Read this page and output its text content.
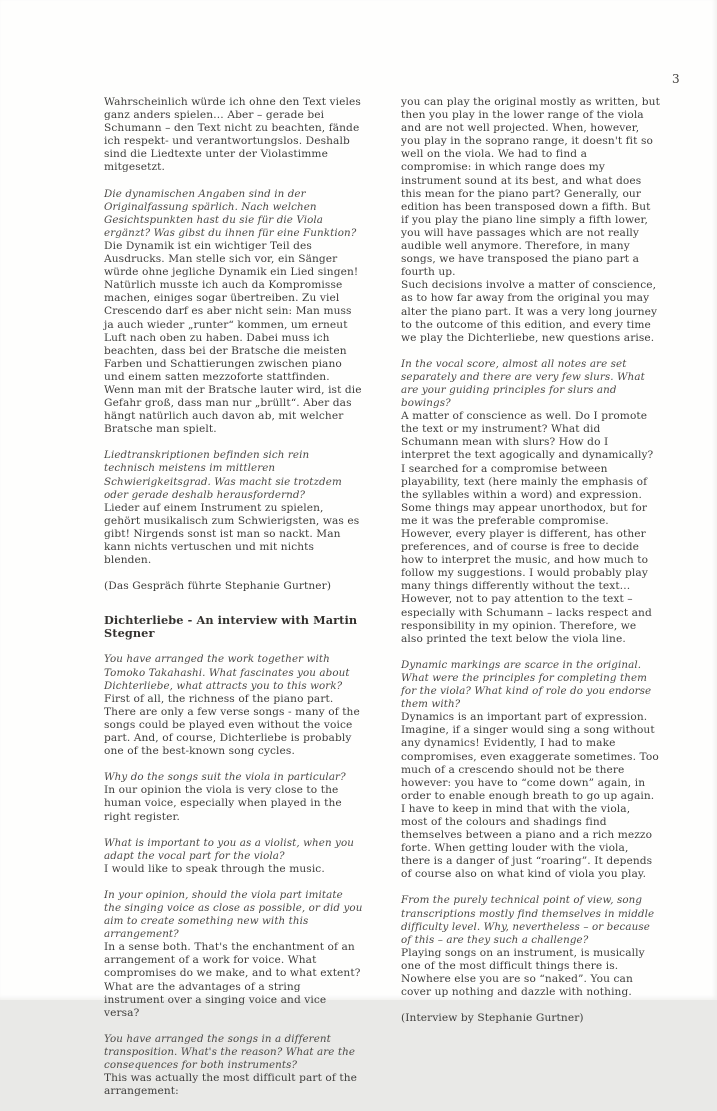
3

Wahrscheinlich würde ich ohne den Text vieles ganz anders spielen… Aber – gerade bei Schumann – den Text nicht zu beachten, fände ich respekt- und verantwortungslos. Deshalb sind die Liedtexte unter der Violastimme mitgesetzt.

Die dynamischen Angaben sind in der Originalfassung spärlich. Nach welchen Gesichtspunkten hast du sie für die Viola ergänzt? Was gibst du ihnen für eine Funktion?

Die Dynamik ist ein wichtiger Teil des Ausdrucks. Man stelle sich vor, ein Sänger würde ohne jegliche Dynamik ein Lied singen! Natürlich musste ich auch da Kompromisse machen, einiges sogar übertreiben. Zu viel Crescendo darf es aber nicht sein: Man muss ja auch wieder „runter“ kommen, um erneut Luft nach oben zu haben. Dabei muss ich beachten, dass bei der Bratsche die meisten Farben und Schattierungen zwischen piano und einem satten mezzoforte stattfinden. Wenn man mit der Bratsche lauter wird, ist die Gefahr groß, dass man nur „brüllt“. Aber das hängt natürlich auch davon ab, mit welcher Bratsche man spielt.

Liedtranskriptionen befinden sich rein technisch meistens im mittleren Schwierigkeitsgrad. Was macht sie trotzdem oder gerade deshalb herausfordernd?

Lieder auf einem Instrument zu spielen, gehört musikalisch zum Schwierigsten, was es gibt! Nirgends sonst ist man so nackt. Man kann nichts vertuschen und mit nichts blenden.

(Das Gespräch führte Stephanie Gurtner)

Dichterliebe - An interview with Martin Stegner

You have arranged the work together with Tomoko Takahashi. What fascinates you about Dichterliebe, what attracts you to this work?

First of all, the richness of the piano part. There are only a few verse songs - many of the songs could be played even without the voice part. And, of course, Dichterliebe is probably one of the best-known song cycles.

Why do the songs suit the viola in particular?

In our opinion the viola is very close to the human voice, especially when played in the right register.

What is important to you as a violist, when you adapt the vocal part for the viola?

I would like to speak through the music.

In your opinion, should the viola part imitate the singing voice as close as possible, or did you aim to create something new with this arrangement?

In a sense both. That's the enchantment of an arrangement of a work for voice. What compromises do we make, and to what extent? What are the advantages of a string instrument over a singing voice and vice versa?

You have arranged the songs in a different transposition. What's the reason? What are the consequences for both instruments?

This was actually the most difficult part of the arrangement:

you can play the original mostly as written, but then you play in the lower range of the viola and are not well projected. When, however, you play in the soprano range, it doesn't fit so well on the viola. We had to find a compromise: in which range does my instrument sound at its best, and what does this mean for the piano part? Generally, our edition has been transposed down a fifth. But if you play the piano line simply a fifth lower, you will have passages which are not really audible well anymore. Therefore, in many songs, we have transposed the piano part a fourth up.

Such decisions involve a matter of conscience, as to how far away from the original you may alter the piano part. It was a very long journey to the outcome of this edition, and every time we play the Dichterliebe, new questions arise.

In the vocal score, almost all notes are set separately and there are very few slurs. What are your guiding principles for slurs and bowings?

A matter of conscience as well. Do I promote the text or my instrument? What did Schumann mean with slurs? How do I interpret the text agogically and dynamically? I searched for a compromise between playability, text (here mainly the emphasis of the syllables within a word) and expression. Some things may appear unorthodox, but for me it was the preferable compromise. However, every player is different, has other preferences, and of course is free to decide how to interpret the music, and how much to follow my suggestions. I would probably play many things differently without the text… However, not to pay attention to the text – especially with Schumann – lacks respect and responsibility in my opinion. Therefore, we also printed the text below the viola line.

Dynamic markings are scarce in the original. What were the principles for completing them for the viola? What kind of role do you endorse them with?

Dynamics is an important part of expression. Imagine, if a singer would sing a song without any dynamics! Evidently, I had to make compromises, even exaggerate sometimes. Too much of a crescendo should not be there however: you have to “come down” again, in order to enable enough breath to go up again. I have to keep in mind that with the viola, most of the colours and shadings find themselves between a piano and a rich mezzo forte. When getting louder with the viola, there is a danger of just “roaring”. It depends of course also on what kind of viola you play.

From the purely technical point of view, song transcriptions mostly find themselves in middle difficulty level. Why, nevertheless – or because of this – are they such a challenge?

Playing songs on an instrument, is musically one of the most difficult things there is. Nowhere else you are so “naked”. You can cover up nothing and dazzle with nothing.

(Interview by Stephanie Gurtner)
